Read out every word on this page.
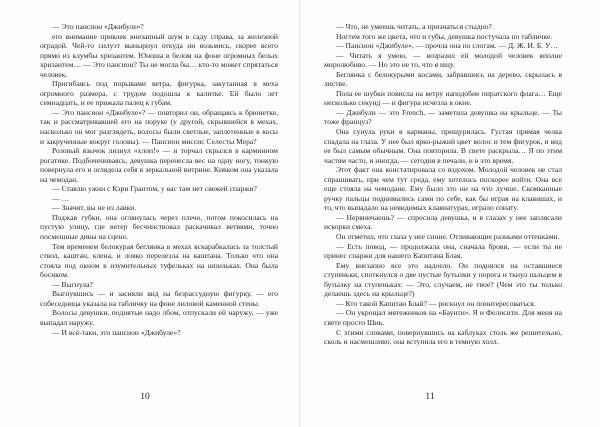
— Это пансион «Джибуле»?

его внимание привлек внезапный шум в саду справа, за железной оградой. Чей-то силуэт вынырнул откуда ни возьмись, скорее всего прямо из клумбы хризантем. Юноша в белом на фоне огромных белых хризантем… — Это пансион? Ты не могла бы… кто-то может спрятаться человек.

Пригибаясь под порывами ветра, фигурка, закутанная в меха огромного размера, с трудом подошла к калитке. Ей было лет семнадцать, и ее прижала палец к губам.

— Это пансион «Джибуле»? — повторил он, обращаясь к брюнетке, так и рассматривавшей его на поруке (у другой, скрывшейся в мехах, насколько он мог разглядеть, волосы были светлые, заплетенные в косы и закрученные вокруг головы). — Пансион миссис Селесты Мера?

Розовый язычок лизнул «хлоп!» — и торчал скрылся в карминном рогатике. Подбочениваясь, девушка перенесла вес на одну ногу, тонкую повернула его и оглядела себя в зеркальной витрине. Кивком она указала на чемодан.

— Ставлю ужин с Кэри Грантом, у вас там нет свежей спаржи?

— …

— Значит, вы не из лавки.

Поджав губки, она оглянулась через плечо, потом покосилась на пустую улицу, где ветер бесчинствовал раскачивал ветвями, точно посмешные дивы на сцене.

Тем временем белокурая беглянка в мехах вскарабкалась за толстый ствол, каштан, клена, и ловко перелезла на каштана. Только что она стояла под окном в изумительных туфельках на шпильках. Она была босиком.

— Выгнула?

Выгнувшись — и засияли вид на безрассудную фигурку, — его собеседница указала на табличку на фоне лиловой каменной стены.

Волосы девушки, поднятые надо лбом, отпускали ей наружу, — уже выпадал наружу.

— И всё-таки, это пансион «Джибуле»?

10

— Что, не умеешь читать, а признаться стыдно?

Ногтем того же цвета, что и губы, девушка постучала по табличке.

— Пансион «Джибуле», — прочла она по слогам. — Д. Ж. И. Б. У…

— Читать я умею, — возразил ей молодой человек вполне миролюбиво. — Но это не то, что я ищу.

Беглянка с белокурыми косами, забравшись на дерево, скрылась в листве.

Пола ее шубки повисла на ветру наподобие пиратского флага… Еще несколько секунд — и фигура исчезла в окне.

— Джибули — это French, — заметила девушка на крыльце. — Ты тоже француз?

Она сунула руки в карманы, прищурилась. Густая прямая челка спадала на глаза. У нее был ярко-рыжий цвет волос и тем фигурок, и вид ее был самым обычным. Она повторила. В свете раскрыла… Я по этим частям часто, и иногда, — сегодня в печали, и в это время.

Этот факт она констатировала со вздохом. Молодой человек не стал спрашивать, при чем тут среда, ему хотелось поскорее войти. Она все еще стояла на чемодане. Ему было это ни на что лучше. Скомканные ручку пальцы поднимались сами по себе, как бы играя на клавишах, и то, что выпадало на невидимых клавиатурах, играло сонату.

— Нервничаешь? — спросила девушка, и в глазах у нее заплясали искорки смеха.

Он отметил, что глаза у нее синие. Отливающие разными оттенками.

— Есть повод, — продолжала она, сначала брови, — если ты не принес спаржи для нашего Капитана Блая.

Ему внезапно все это надоело. Он поднялся на оставшиеся ступеньки, споткнулся о две пустые бутылки у порога и ткнул пальцем в бутылку на ступеньках: — Это, случаем, не твое? (Чем это ты только делаешь здесь на крыльце?)

— Кто такой Капитан Блай? — рискнул он поинтересоваться.

— Он укрощал мятежников на «Баунти». Я и Фелисити. Для меня на свете просто Шик.

С этими словами, повернувшись на каблуках столь же решительно, сколь и насмешливо, она вступила его в темную холл.

11
